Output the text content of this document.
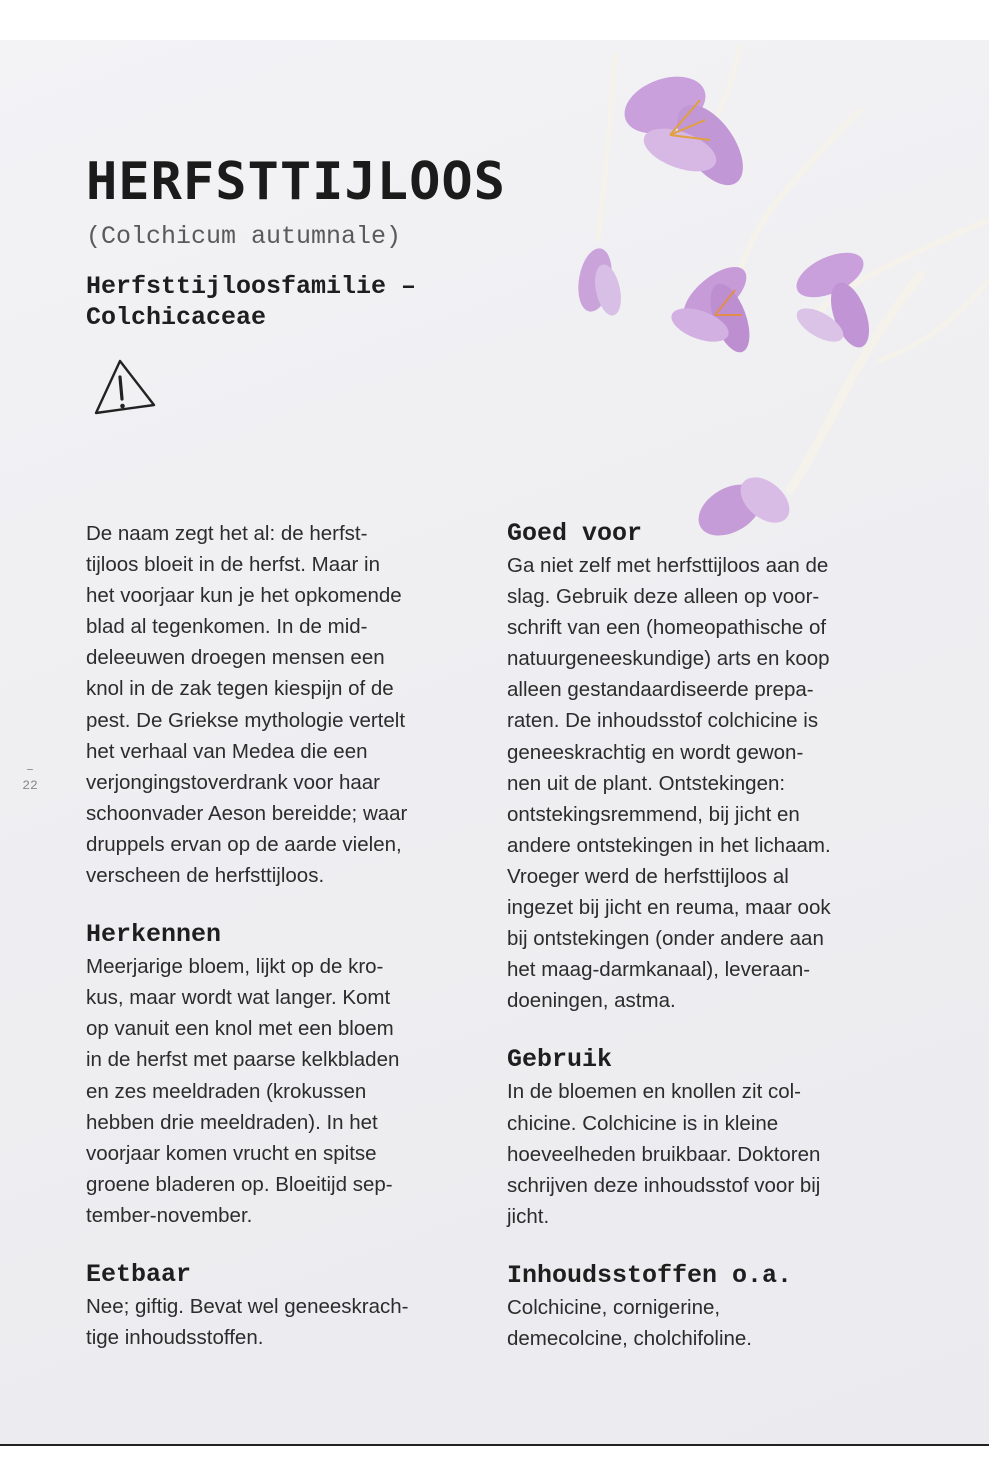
HERFSTTIJLOOS
(Colchicum autumnale)
Herfsttijloosfamilie –
Colchicaceae
–
22
De naam zegt het al: de herfst-
tijloos bloeit in de herfst. Maar in
het voorjaar kun je het opkomende
blad al tegenkomen. In de mid-
deleeuwen droegen mensen een
knol in de zak tegen kiespijn of de
pest. De Griekse mythologie vertelt
het verhaal van Medea die een
verjongingstoverdrank voor haar
schoonvader Aeson bereidde; waar
druppels ervan op de aarde vielen,
verscheen de herfsttijloos.
Herkennen
Meerjarige bloem, lijkt op de kro-
kus, maar wordt wat langer. Komt
op vanuit een knol met een bloem
in de herfst met paarse kelkbladen
en zes meeldraden (krokussen
hebben drie meeldraden). In het
voorjaar komen vrucht en spitse
groene bladeren op. Bloeitijd sep-
tember-november.
Eetbaar
Nee; giftig. Bevat wel geneeskrach-
tige inhoudsstoffen.
Goed voor
Ga niet zelf met herfsttijloos aan de
slag. Gebruik deze alleen op voor-
schrift van een (homeopathische of
natuurgeneeskundige) arts en koop
alleen gestandaardiseerde prepa-
raten. De inhoudsstof colchicine is
geneeskrachtig en wordt gewon-
nen uit de plant. Ontstekingen:
ontstekingsremmend, bij jicht en
andere ontstekingen in het lichaam.
Vroeger werd de herfsttijloos al
ingezet bij jicht en reuma, maar ook
bij ontstekingen (onder andere aan
het maag-darmkanaal), leveraan-
doeningen, astma.
Gebruik
In de bloemen en knollen zit col-
chicine. Colchicine is in kleine
hoeveelheden bruikbaar. Doktoren
schrijven deze inhoudsstof voor bij
jicht.
Inhoudsstoffen o.a.
Colchicine, cornigerine,
demecolcine, cholchifoline.
